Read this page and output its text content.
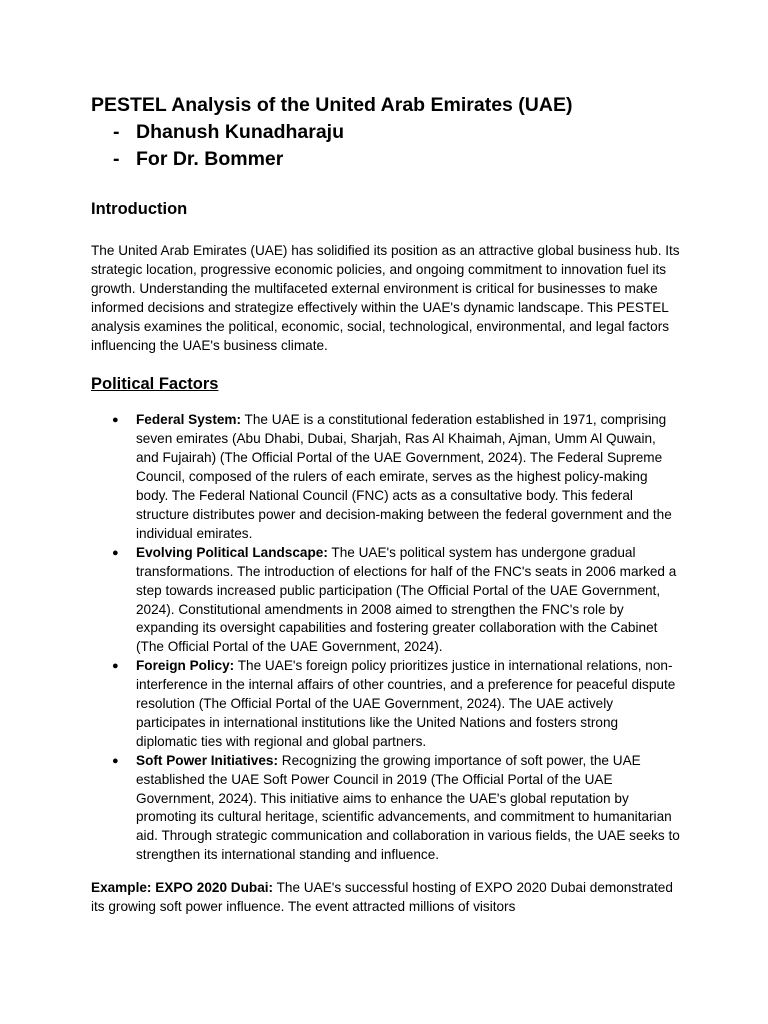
PESTEL Analysis of the United Arab Emirates (UAE)
- Dhanush Kunadharaju
- For Dr. Bommer
Introduction

The United Arab Emirates (UAE) has solidified its position as an attractive global business hub. Its strategic location, progressive economic policies, and ongoing commitment to innovation fuel its growth. Understanding the multifaceted external environment is critical for businesses to make informed decisions and strategize effectively within the UAE's dynamic landscape. This PESTEL analysis examines the political, economic, social, technological, environmental, and legal factors influencing the UAE's business climate.

Political Factors
● Federal System: The UAE is a constitutional federation established in 1971, comprising seven emirates (Abu Dhabi, Dubai, Sharjah, Ras Al Khaimah, Ajman, Umm Al Quwain, and Fujairah) (The Official Portal of the UAE Government, 2024). The Federal Supreme Council, composed of the rulers of each emirate, serves as the highest policy-making body. The Federal National Council (FNC) acts as a consultative body. This federal structure distributes power and decision-making between the federal government and the individual emirates.
● Evolving Political Landscape: The UAE's political system has undergone gradual transformations. The introduction of elections for half of the FNC's seats in 2006 marked a step towards increased public participation (The Official Portal of the UAE Government, 2024). Constitutional amendments in 2008 aimed to strengthen the FNC's role by expanding its oversight capabilities and fostering greater collaboration with the Cabinet (The Official Portal of the UAE Government, 2024).
● Foreign Policy: The UAE's foreign policy prioritizes justice in international relations, non-interference in the internal affairs of other countries, and a preference for peaceful dispute resolution (The Official Portal of the UAE Government, 2024). The UAE actively participates in international institutions like the United Nations and fosters strong diplomatic ties with regional and global partners.
● Soft Power Initiatives: Recognizing the growing importance of soft power, the UAE established the UAE Soft Power Council in 2019 (The Official Portal of the UAE Government, 2024). This initiative aims to enhance the UAE's global reputation by promoting its cultural heritage, scientific advancements, and commitment to humanitarian aid. Through strategic communication and collaboration in various fields, the UAE seeks to strengthen its international standing and influence.

Example: EXPO 2020 Dubai: The UAE's successful hosting of EXPO 2020 Dubai demonstrated its growing soft power influence. The event attracted millions of visitors
